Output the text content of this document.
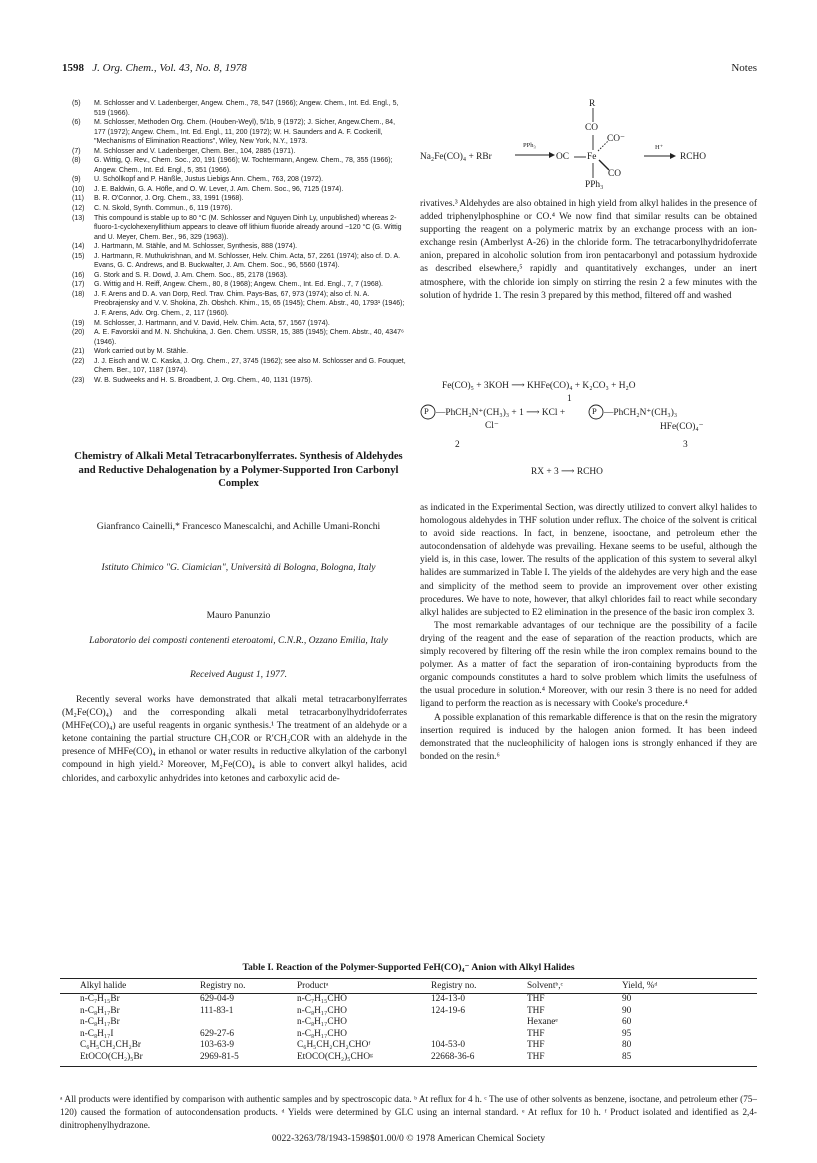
1598 J. Org. Chem., Vol. 43, No. 8, 1978	Notes
(5) M. Schlosser and V. Ladenberger, Angew. Chem., 78, 547 (1966); Angew. Chem., Int. Ed. Engl., 5, 519 (1966).
(6) M. Schlosser, Methoden Org. Chem. (Houben-Weyl), 5/1b, 9 (1972); J. Sicher, Angew.Chem., 84, 177 (1972); Angew. Chem., Int. Ed. Engl., 11, 200 (1972); W. H. Saunders and A. F. Cockerill, "Mechanisms of Elimination Reactions", Wiley, New York, N.Y., 1973.
(7) M. Schlosser and V. Ladenberger, Chem. Ber., 104, 2885 (1971).
(8) G. Wittig, Q. Rev., Chem. Soc., 20, 191 (1966); W. Tochtermann, Angew. Chem., 78, 355 (1966); Angew. Chem., Int. Ed. Engl., 5, 351 (1966).
(9) U. Schöllkopf and P. Hänßle, Justus Liebigs Ann. Chem., 763, 208 (1972).
(10) J. E. Baldwin, G. A. Höfle, and O. W. Lever, J. Am. Chem. Soc., 96, 7125 (1974).
(11) B. R. O'Connor, J. Org. Chem., 33, 1991 (1968).
(12) C. N. Skold, Synth. Commun., 6, 119 (1976).
(13) This compound is stable up to 80 °C (M. Schlosser and Nguyen Dinh Ly, unpublished) whereas 2-fluoro-1-cyclohexenyllithium appears to cleave off lithium fluoride already around −120 °C (G. Wittig and U. Meyer, Chem. Ber., 96, 329 (1963)).
(14) J. Hartmann, M. Stähle, and M. Schlosser, Synthesis, 888 (1974).
(15) J. Hartmann, R. Muthukrishnan, and M. Schlosser, Helv. Chim. Acta, 57, 2261 (1974); also cf. D. A. Evans, G. C. Andrews, and B. Buckwalter, J. Am. Chem. Soc., 96, 5560 (1974).
(16) G. Stork and S. R. Dowd, J. Am. Chem. Soc., 85, 2178 (1963).
(17) G. Wittig and H. Reiff, Angew. Chem., 80, 8 (1968); Angew. Chem., Int. Ed. Engl., 7, 7 (1968).
(18) J. F. Arens and D. A. van Dorp, Recl. Trav. Chim. Pays-Bas, 67, 973 (1974); also cf. N. A. Preobrajensky and V. V. Shokina, Zh. Obshch. Khim., 15, 65 (1945); Chem. Abstr., 40, 1793¹ (1946); J. F. Arens, Adv. Org. Chem., 2, 117 (1960).
(19) M. Schlosser, J. Hartmann, and V. David, Helv. Chim. Acta, 57, 1567 (1974).
(20) A. E. Favorskii and M. N. Shchukina, J. Gen. Chem. USSR, 15, 385 (1945); Chem. Abstr., 40, 4347⁶ (1946).
(21) Work carried out by M. Stähle.
(22) J. J. Eisch and W. C. Kaska, J. Org. Chem., 27, 3745 (1962); see also M. Schlosser and G. Fouquet, Chem. Ber., 107, 1187 (1974).
(23) W. B. Sudweeks and H. S. Broadbent, J. Org. Chem., 40, 1131 (1975).
Chemistry of Alkali Metal Tetracarbonylferrates. Synthesis of Aldehydes and Reductive Dehalogenation by a Polymer-Supported Iron Carbonyl Complex
Gianfranco Cainelli,* Francesco Manescalchi, and Achille Umani-Ronchi
Istituto Chimico "G. Ciamician", Università di Bologna, Bologna, Italy
Mauro Panunzio
Laboratorio dei composti contenenti eteroatomi, C.N.R., Ozzano Emilia, Italy
Received August 1, 1977.

Recently several works have demonstrated that alkali metal tetracarbonylferrates (M₂Fe(CO)₄) and the corresponding alkali metal tetracarbonylhydridoferrates (MHFe(CO)₄) are useful reagents in organic synthesis.¹ The treatment of an aldehyde or a ketone containing the partial structure CH₃COR or R′CH₂COR with an aldehyde in the presence of MHFe(CO)₄ in ethanol or water results in reductive alkylation of the carbonyl compound in high yield.² Moreover, M₂Fe(CO)₄ is able to convert alkyl halides, acid chlorides, and carboxylic anhydrides into ketones and carboxylic acid de-

Na₂Fe(CO)₄ + RBr
PPh₃
→ OC Fe
R
CO
CO⁻
CO
PPh₃
H⁺
→ RCHO

rivatives.³ Aldehydes are also obtained in high yield from alkyl halides in the presence of added triphenylphosphine or CO.⁴ We now find that similar results can be obtained supporting the reagent on a polymeric matrix by an exchange process with an ion-exchange resin (Amberlyst A-26) in the chloride form. The tetracarbonylhydridoferrate anion, prepared in alcoholic solution from iron pentacarbonyl and potassium hydroxide as described elsewhere,⁵ rapidly and quantitatively exchanges, under an inert atmosphere, with the chloride ion simply on stirring the resin 2 a few minutes with the solution of hydride 1. The resin 3 prepared by this method, filtered off and washed

Fe(CO)₅ + 3KOH ⟶ KHFe(CO)₄ + K₂CO₃ + H₂O
1
P —PhCH₂N⁺(CH₃)₃ + 1 ⟶ KCl +	P —PhCH₂N⁺(CH₃)₃
Cl⁻	HFe(CO)₄⁻
2	3
RX + 3 ⟶ RCHO

as indicated in the Experimental Section, was directly utilized to convert alkyl halides to homologous aldehydes in THF solution under reflux. The choice of the solvent is critical to avoid side reactions. In fact, in benzene, isooctane, and petroleum ether the autocondensation of aldehyde was prevailing. Hexane seems to be useful, although the yield is, in this case, lower. The results of the application of this system to several alkyl halides are summarized in Table I. The yields of the aldehydes are very high and the ease and simplicity of the method seem to provide an improvement over other existing procedures. We have to note, however, that alkyl chlorides fail to react while secondary alkyl halides are subjected to E2 elimination in the presence of the basic iron complex 3.

The most remarkable advantages of our technique are the possibility of a facile drying of the reagent and the ease of separation of the reaction products, which are simply recovered by filtering off the resin while the iron complex remains bound to the polymer. As a matter of fact the separation of iron-containing byproducts from the organic compounds constitutes a hard to solve problem which limits the usefulness of the usual procedure in solution.⁴ Moreover, with our resin 3 there is no need for added ligand to perform the reaction as is necessary with Cooke's procedure.⁴

A possible explanation of this remarkable difference is that on the resin the migratory insertion required is induced by the halogen anion formed. It has been indeed demonstrated that the nucleophilicity of halogen ions is strongly enhanced if they are bonded on the resin.⁶

Table I. Reaction of the Polymer-Supported FeH(CO)₄⁻ Anion with Alkyl Halides
Alkyl halide	Registry no.	Productᵃ	Registry no.	Solventᵇ,ᶜ	Yield, %ᵈ
n-C₇H₁₅Br	629-04-9	n-C₇H₁₅CHO	124-13-0	THF	90
n-C₈H₁₇Br	111-83-1	n-C₈H₁₇CHO	124-19-6	THF	90
n-C₈H₁₇Br		n-C₈H₁₇CHO		Hexaneᵉ	60
n-C₈H₁₇I	629-27-6	n-C₈H₁₇CHO		THF	95
C₆H₅CH₂CH₂Br	103-63-9	C₆H₅CH₂CH₂CHOᶠ	104-53-0	THF	80
EtOCO(CH₂)₅Br	2969-81-5	EtOCO(CH₂)₅CHOᵍ	22668-36-6	THF	85
ᵃ All products were identified by comparison with authentic samples and by spectroscopic data. ᵇ At reflux for 4 h. ᶜ The use of other solvents as benzene, isoctane, and petroleum ether (75–120) caused the formation of autocondensation products. ᵈ Yields were determined by GLC using an internal standard. ᵉ At reflux for 10 h. ᶠ Product isolated and identified as 2,4-dinitrophenylhydrazone.
0022-3263/78/1943-1598$01.00/0 © 1978 American Chemical Society
